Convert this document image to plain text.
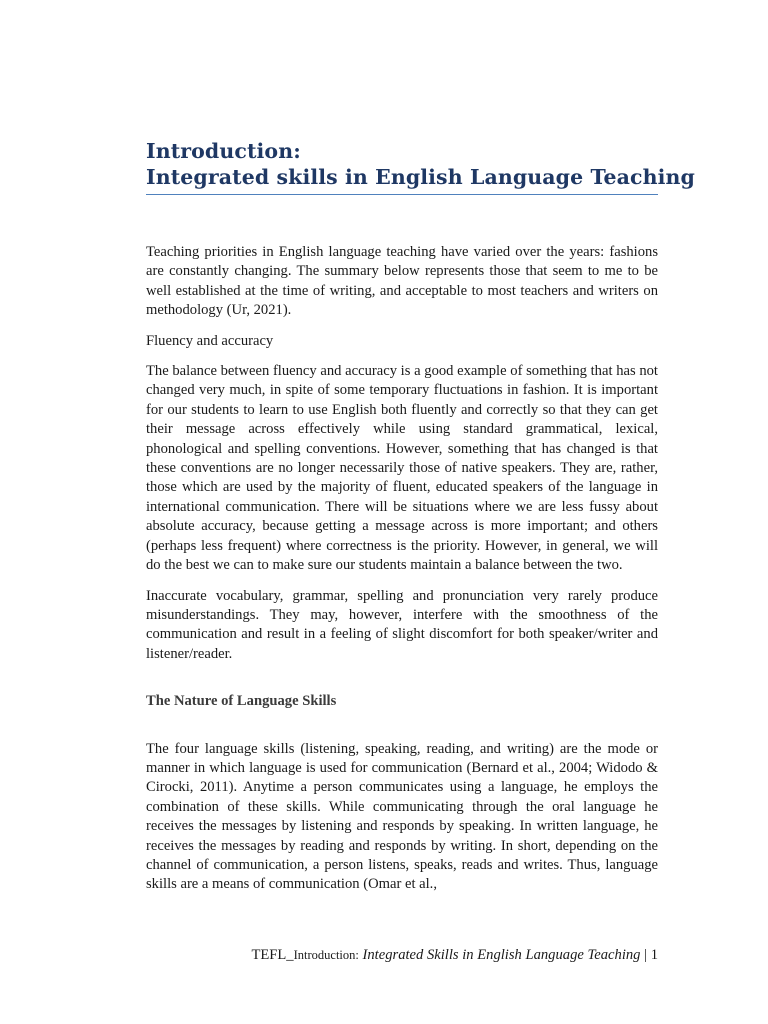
Introduction:
Integrated skills in English Language Teaching

Teaching priorities in English language teaching have varied over the years: fashions are constantly changing. The summary below represents those that seem to me to be well established at the time of writing, and acceptable to most teachers and writers on methodology (Ur, 2021).

Fluency and accuracy

The balance between fluency and accuracy is a good example of something that has not changed very much, in spite of some temporary fluctuations in fashion. It is important for our students to learn to use English both fluently and correctly so that they can get their message across effectively while using standard grammatical, lexical, phonological and spelling conventions. However, something that has changed is that these conventions are no longer necessarily those of native speakers. They are, rather, those which are used by the majority of fluent, educated speakers of the language in international communication. There will be situations where we are less fussy about absolute accuracy, because getting a message across is more important; and others (perhaps less frequent) where correctness is the priority. However, in general, we will do the best we can to make sure our students maintain a balance between the two.

Inaccurate vocabulary, grammar, spelling and pronunciation very rarely produce misunderstandings. They may, however, interfere with the smoothness of the communication and result in a feeling of slight discomfort for both speaker/writer and listener/reader.

The Nature of Language Skills

The four language skills (listening, speaking, reading, and writing) are the mode or manner in which language is used for communication (Bernard et al., 2004; Widodo & Cirocki, 2011). Anytime a person communicates using a language, he employs the combination of these skills. While communicating through the oral language he receives the messages by listening and responds by speaking. In written language, he receives the messages by reading and responds by writing. In short, depending on the channel of communication, a person listens, speaks, reads and writes. Thus, language skills are a means of communication (Omar et al.,

TEFL_Introduction: Integrated Skills in English Language Teaching | 1
